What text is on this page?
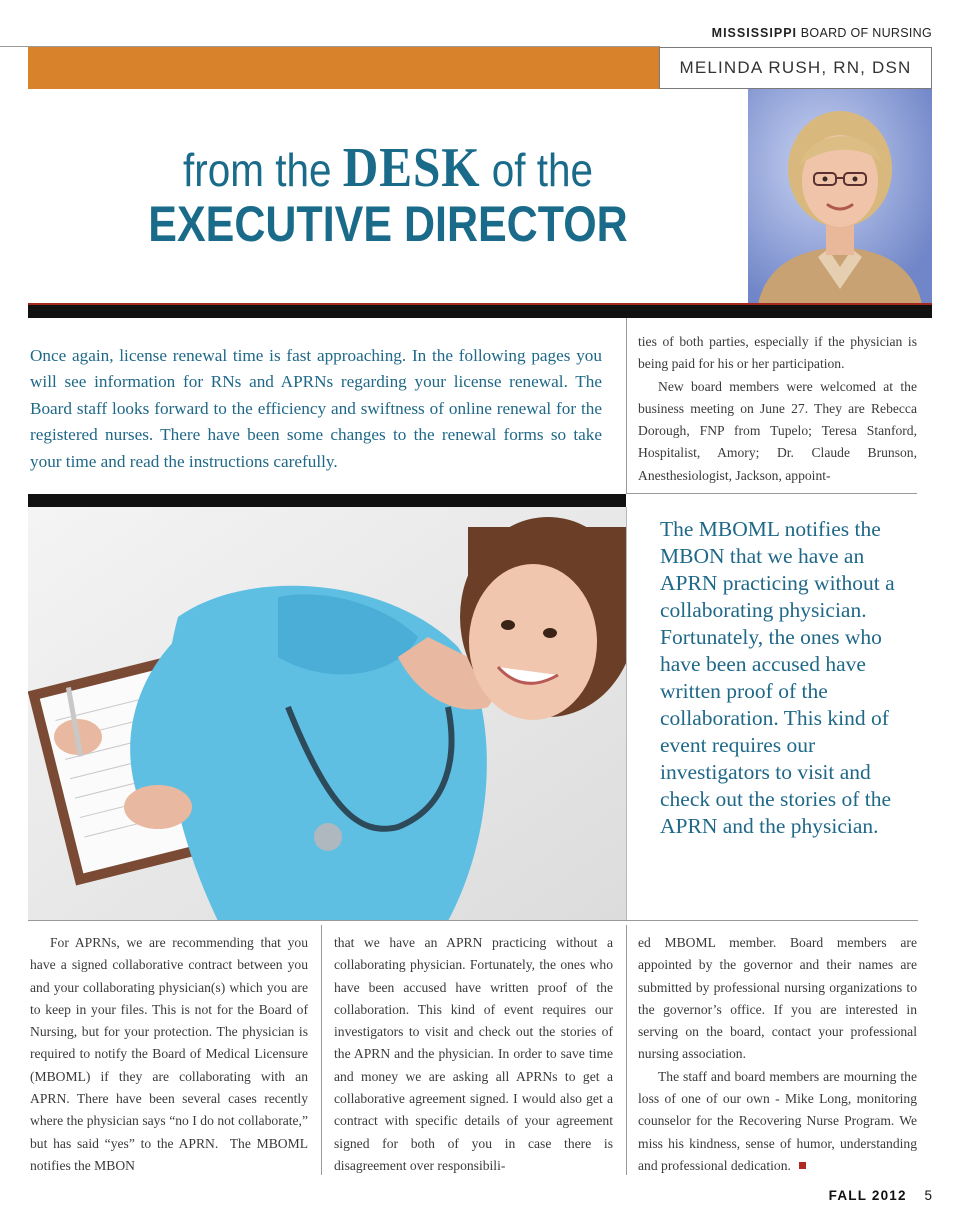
MISSISSIPPI BOARD OF NURSING
MELINDA RUSH, RN, DSN
from the DESK of the
EXECUTIVE DIRECTOR
Once again, license renewal time is fast approaching. In the following pages you will see information for RNs and APRNs regarding your license renewal. The Board staff looks forward to the efficiency and swiftness of online renewal for the registered nurses. There have been some changes to the renewal forms so take your time and read the instructions carefully.

ties of both parties, especially if the physician is being paid for his or her participation.

New board members were welcomed at the business meeting on June 27. They are Rebecca Dorough, FNP from Tupelo; Teresa Stanford, Hospitalist, Amory; Dr. Claude Brunson, Anesthesiologist, Jackson, appoint-

The MBOML notifies the MBON that we have an APRN practicing without a collaborating physician. Fortunately, the ones who have been accused have written proof of the collaboration. This kind of event requires our investigators to visit and check out the stories of the APRN and the physician.

For APRNs, we are recommending that you have a signed collaborative contract between you and your collaborating physician(s) which you are to keep in your files. This is not for the Board of Nursing, but for your protection. The physician is required to notify the Board of Medical Licensure (MBOML) if they are collaborating with an APRN. There have been several cases recently where the physician says “no I do not collaborate,” but has said “yes” to the APRN.  The MBOML notifies the MBON

that we have an APRN practicing without a collaborating physician. Fortunately, the ones who have been accused have written proof of the collaboration. This kind of event requires our investigators to visit and check out the stories of the APRN and the physician. In order to save time and money we are asking all APRNs to get a collaborative agreement signed. I would also get a contract with specific details of your agreement signed for both of you in case there is disagreement over responsibili-

ed MBOML member. Board members are appointed by the governor and their names are submitted by professional nursing organizations to the governor’s office. If you are interested in serving on the board, contact your professional nursing association.

The staff and board members are mourning the loss of one of our own - Mike Long, monitoring counselor for the Recovering Nurse Program. We miss his kindness, sense of humor, understanding and professional dedication.

FALL 2012 5
